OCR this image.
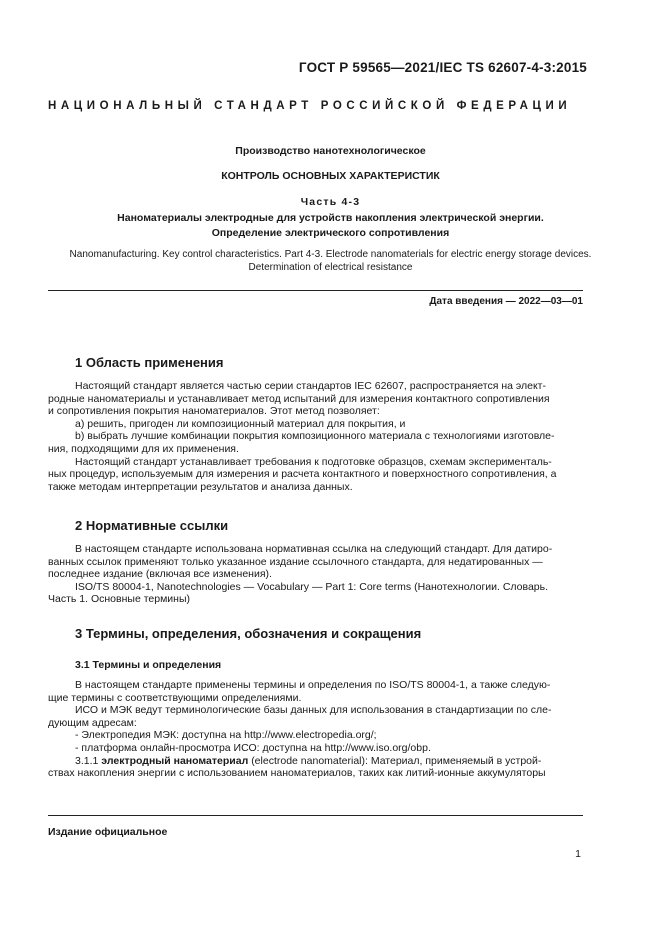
ГОСТ Р 59565—2021/IEC TS 62607-4-3:2015
НАЦИОНАЛЬНЫЙ СТАНДАРТ РОССИЙСКОЙ ФЕДЕРАЦИИ
Производство нанотехнологическое
КОНТРОЛЬ ОСНОВНЫХ ХАРАКТЕРИСТИК
Часть 4-3
Наноматериалы электродные для устройств накопления электрической энергии.
Определение электрического сопротивления
Nanomanufacturing. Key control characteristics. Part 4-3. Electrode nanomaterials for electric energy storage devices.
Determination of electrical resistance
Дата введения — 2022—03—01
1 Область применения

Настоящий стандарт является частью серии стандартов IEC 62607, распространяется на элект-

родные наноматериалы и устанавливает метод испытаний для измерения контактного сопротивления

и сопротивления покрытия наноматериалов. Этот метод позволяет:

a) решить, пригоден ли композиционный материал для покрытия, и

b) выбрать лучшие комбинации покрытия композиционного материала с технологиями изготовле-

ния, подходящими для их применения.

Настоящий стандарт устанавливает требования к подготовке образцов, схемам эксперименталь-

ных процедур, используемым для измерения и расчета контактного и поверхностного сопротивления, а

также методам интерпретации результатов и анализа данных.

2 Нормативные ссылки

В настоящем стандарте использована нормативная ссылка на следующий стандарт. Для датиро-

ванных ссылок применяют только указанное издание ссылочного стандарта, для недатированных —

последнее издание (включая все изменения).

ISO/TS 80004-1, Nanotechnologies — Vocabulary — Part 1: Core terms (Нанотехнологии. Словарь.

Часть 1. Основные термины)

3 Термины, определения, обозначения и сокращения
3.1 Термины и определения

В настоящем стандарте применены термины и определения по ISO/TS 80004-1, а также следую-

щие термины с соответствующими определениями.

ИСО и МЭК ведут терминологические базы данных для использования в стандартизации по сле-

дующим адресам:

- Электропедия МЭК: доступна на http://www.electropedia.org/;

- платформа онлайн-просмотра ИСО: доступна на http://www.iso.org/obp.

3.1.1 электродный наноматериал (electrode nanomaterial): Материал, применяемый в устрой-

ствах накопления энергии с использованием наноматериалов, таких как литий-ионные аккумуляторы

Издание официальное
1
